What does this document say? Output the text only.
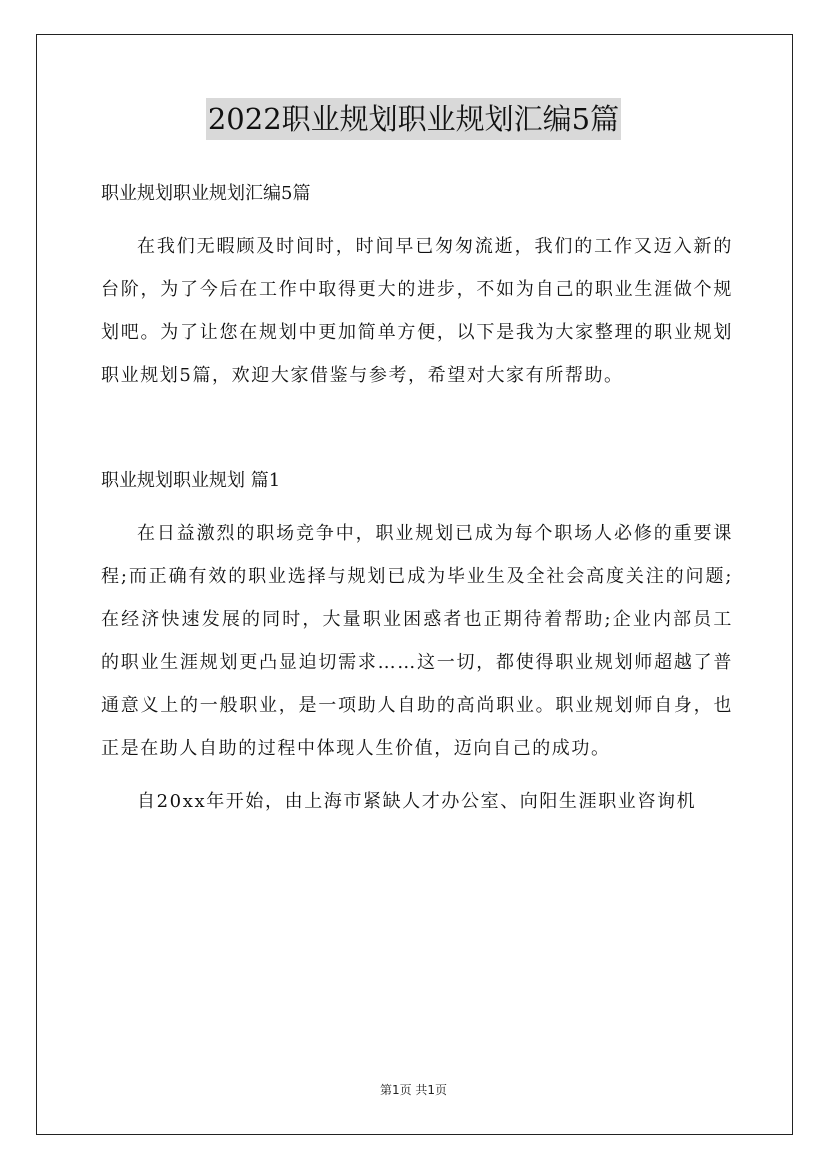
2022职业规划职业规划汇编5篇
职业规划职业规划汇编5篇

在我们无暇顾及时间时，时间早已匆匆流逝，我们的工作又迈入新的台阶，为了今后在工作中取得更大的进步，不如为自己的职业生涯做个规划吧。为了让您在规划中更加简单方便，以下是我为大家整理的职业规划职业规划5篇，欢迎大家借鉴与参考，希望对大家有所帮助。

职业规划职业规划 篇1

在日益激烈的职场竞争中，职业规划已成为每个职场人必修的重要课程;而正确有效的职业选择与规划已成为毕业生及全社会高度关注的问题;在经济快速发展的同时，大量职业困惑者也正期待着帮助;企业内部员工的职业生涯规划更凸显迫切需求……这一切，都使得职业规划师超越了普通意义上的一般职业，是一项助人自助的高尚职业。职业规划师自身，也正是在助人自助的过程中体现人生价值，迈向自己的成功。

自20xx年开始，由上海市紧缺人才办公室、向阳生涯职业咨询机

第1页 共1页
